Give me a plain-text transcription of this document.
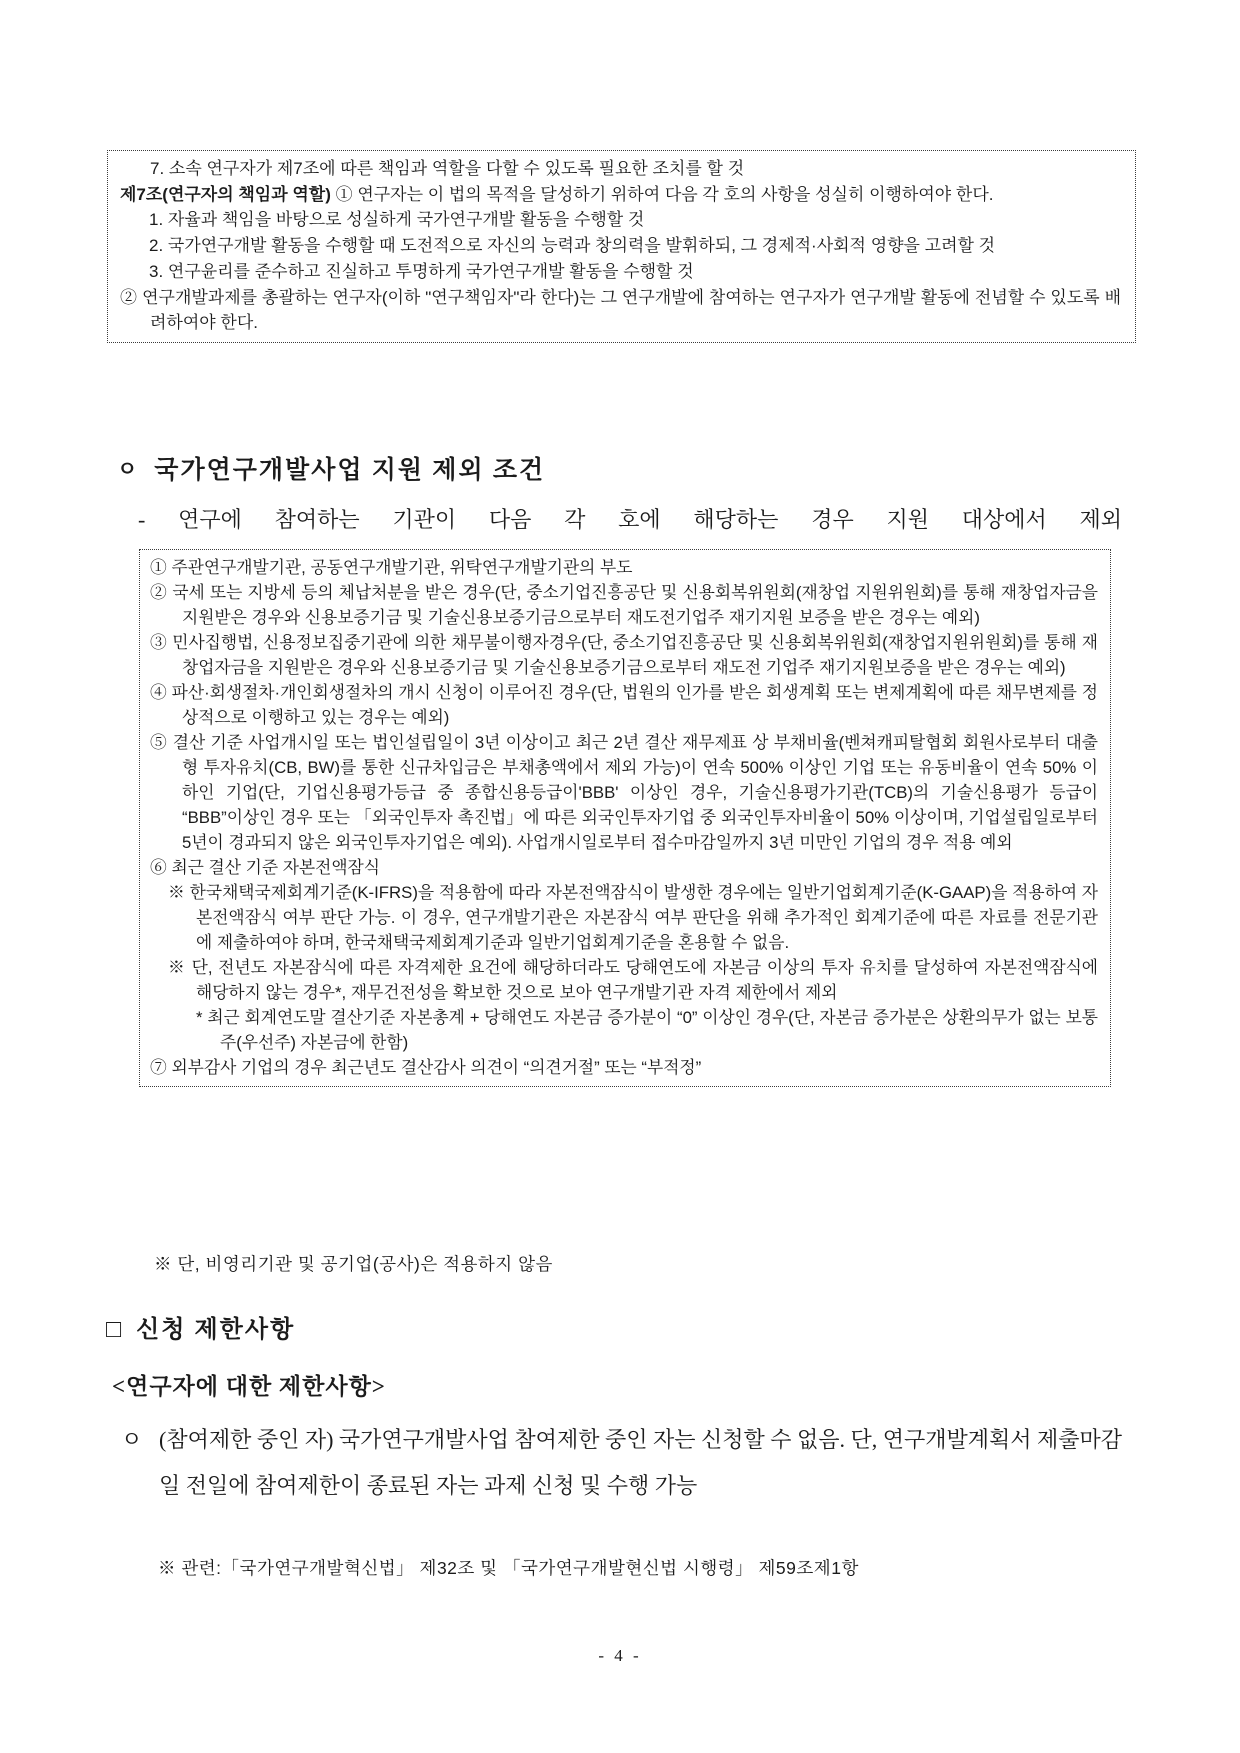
7. 소속 연구자가 제7조에 따른 책임과 역할을 다할 수 있도록 필요한 조치를 할 것
제7조(연구자의 책임과 역할) ① 연구자는 이 법의 목적을 달성하기 위하여 다음 각 호의 사항을 성실히 이행하여야 한다.
1. 자율과 책임을 바탕으로 성실하게 국가연구개발 활동을 수행할 것
2. 국가연구개발 활동을 수행할 때 도전적으로 자신의 능력과 창의력을 발휘하되, 그 경제적·사회적 영향을 고려할 것
3. 연구윤리를 준수하고 진실하고 투명하게 국가연구개발 활동을 수행할 것
② 연구개발과제를 총괄하는 연구자(이하 "연구책임자"라 한다)는 그 연구개발에 참여하는 연구자가 연구개발 활동에 전념할 수 있도록 배려하여야 한다.
ㅇ 국가연구개발사업 지원 제외 조건
- 연구에 참여하는 기관이 다음 각 호에 해당하는 경우 지원 대상에서 제외
① 주관연구개발기관, 공동연구개발기관, 위탁연구개발기관의 부도
② 국세 또는 지방세 등의 체납처분을 받은 경우(단, 중소기업진흥공단 및 신용회복위원회(재창업 지원위원회)를 통해 재창업자금을 지원받은 경우와 신용보증기금 및 기술신용보증기금으로부터 재도전기업주 재기지원 보증을 받은 경우는 예외)
③ 민사집행법, 신용정보집중기관에 의한 채무불이행자경우(단, 중소기업진흥공단 및 신용회복위원회(재창업지원위원회)를 통해 재창업자금을 지원받은 경우와 신용보증기금 및 기술신용보증기금으로부터 재도전 기업주 재기지원보증을 받은 경우는 예외)
④ 파산·회생절차·개인회생절차의 개시 신청이 이루어진 경우(단, 법원의 인가를 받은 회생계획 또는 변제계획에 따른 채무변제를 정상적으로 이행하고 있는 경우는 예외)
⑤ 결산 기준 사업개시일 또는 법인설립일이 3년 이상이고 최근 2년 결산 재무제표 상 부채비율(벤쳐캐피탈협회 회원사로부터 대출형 투자유치(CB, BW)를 통한 신규차입금은 부채총액에서 제외 가능)이 연속 500% 이상인 기업 또는 유동비율이 연속 50% 이하인 기업(단, 기업신용평가등급 중 종합신용등급이'BBB' 이상인 경우, 기술신용평가기관(TCB)의 기술신용평가 등급이 “BBB”이상인 경우 또는 「외국인투자 촉진법」에 따른 외국인투자기업 중 외국인투자비율이 50% 이상이며, 기업설립일로부터 5년이 경과되지 않은 외국인투자기업은 예외). 사업개시일로부터 접수마감일까지 3년 미만인 기업의 경우 적용 예외
⑥ 최근 결산 기준 자본전액잠식
※ 한국채택국제회계기준(K-IFRS)을 적용함에 따라 자본전액잠식이 발생한 경우에는 일반기업회계기준(K-GAAP)을 적용하여 자본전액잠식 여부 판단 가능. 이 경우, 연구개발기관은 자본잠식 여부 판단을 위해 추가적인 회계기준에 따른 자료를 전문기관에 제출하여야 하며, 한국채택국제회계기준과 일반기업회계기준을 혼용할 수 없음.
※ 단, 전년도 자본잠식에 따른 자격제한 요건에 해당하더라도 당해연도에 자본금 이상의 투자 유치를 달성하여 자본전액잠식에 해당하지 않는 경우*, 재무건전성을 확보한 것으로 보아 연구개발기관 자격 제한에서 제외
* 최근 회계연도말 결산기준 자본총계 + 당해연도 자본금 증가분이 “0” 이상인 경우(단, 자본금 증가분은 상환의무가 없는 보통주(우선주) 자본금에 한함)
⑦ 외부감사 기업의 경우 최근년도 결산감사 의견이 “의견거절” 또는 “부적정”
※ 단, 비영리기관 및 공기업(공사)은 적용하지 않음
□ 신청 제한사항
<연구자에 대한 제한사항>
ㅇ (참여제한 중인 자) 국가연구개발사업 참여제한 중인 자는 신청할 수 없음. 단, 연구개발계획서 제출마감일 전일에 참여제한이 종료된 자는 과제 신청 및 수행 가능
※ 관련:「국가연구개발혁신법」 제32조 및 「국가연구개발현신법 시행령」 제59조제1항
- 4 -
